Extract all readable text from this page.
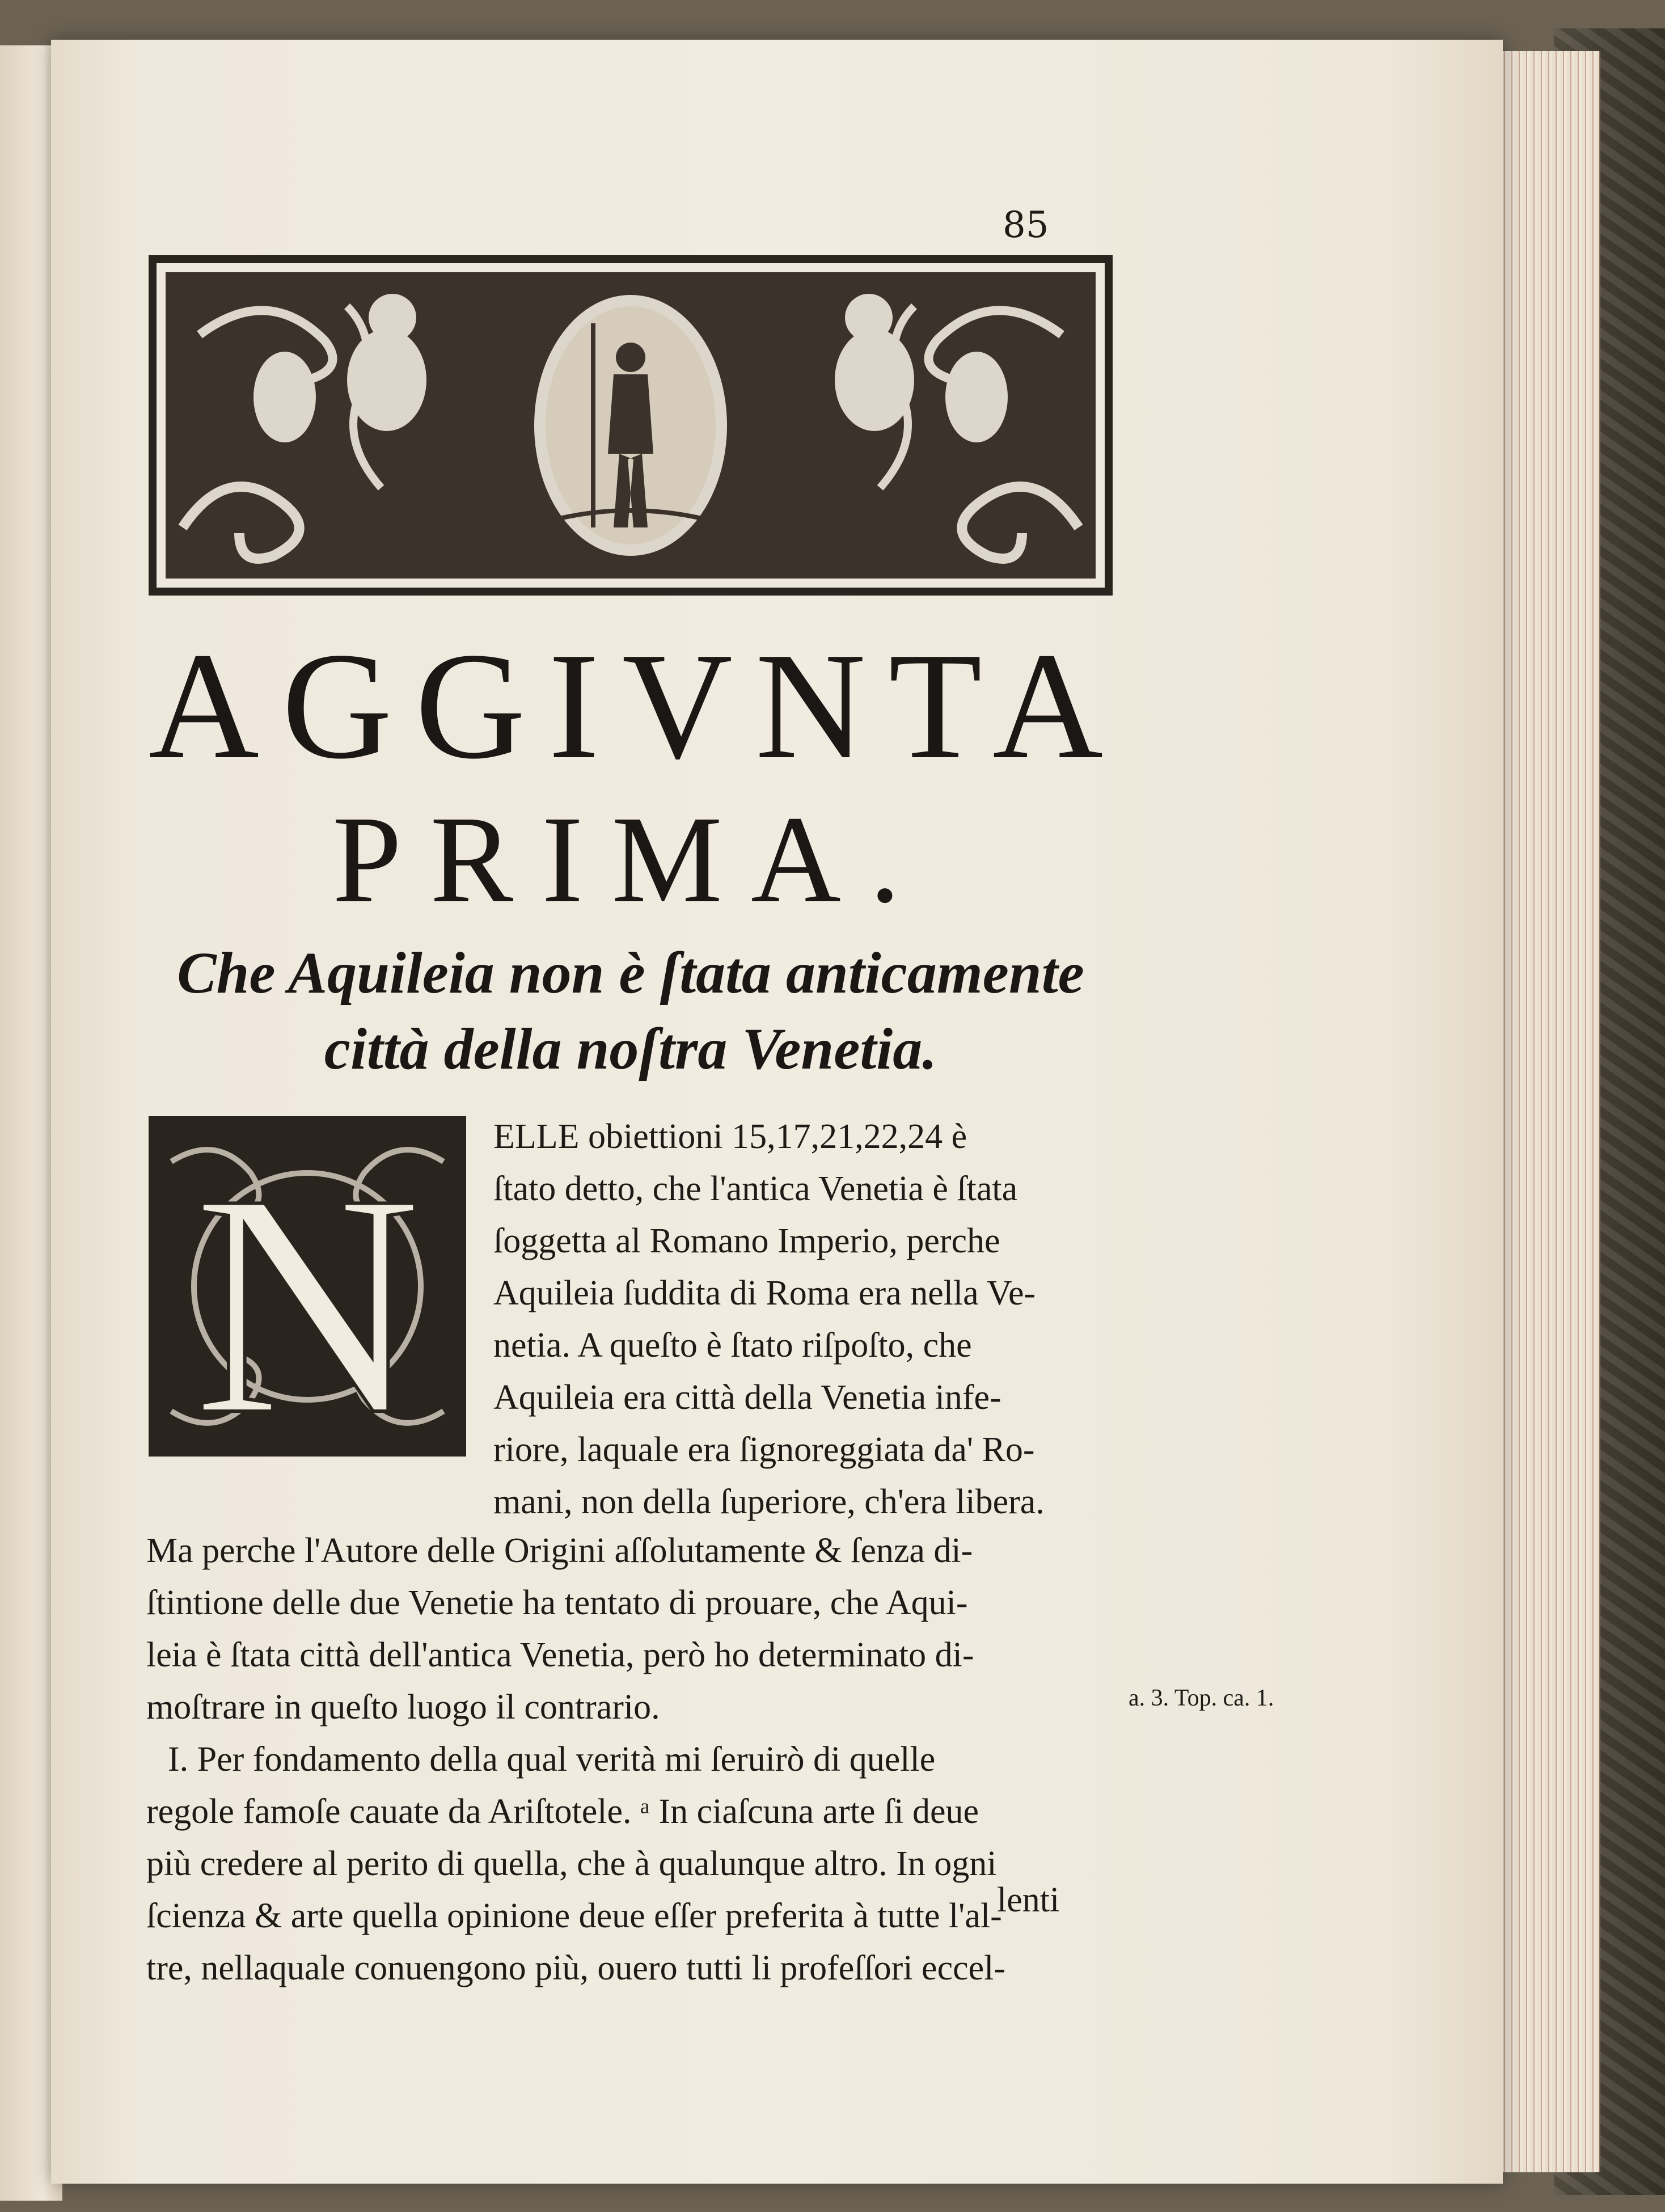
85
AGGIVNTA
PRIMA.
Che Aquileia non è ſtata anticamente
città della noſtra Venetia.
N ELLE obiettioni 15,17,21,22,24 è
ſtato detto, che l'antica Venetia è ſtata
ſoggetta al Romano Imperio, perche
Aquileia ſuddita di Roma era nella Ve-
netia. A queſto è ſtato riſpoſto, che
Aquileia era città della Venetia infe-
riore, laquale era ſignoreggiata da' Ro-
mani, non della ſuperiore, ch'era libera.
Ma perche l'Autore delle Origini aſſolutamente & ſenza di-
ſtintione delle due Venetie ha tentato di prouare, che Aqui-
leia è ſtata città dell'antica Venetia, però ho determinato di-
moſtrare in queſto luogo il contrario.
I. Per fondamento della qual verità mi ſeruirò di quelle
regole famoſe cauate da Ariſtotele. ᵃ In ciaſcuna arte ſi deue
più credere al perito di quella, che à qualunque altro. In ogni
ſcienza & arte quella opinione deue eſſer preferita à tutte l'al-
tre, nellaquale conuengono più, ouero tutti li profeſſori eccel-
a. 3. Top. ca. 1.
lenti
